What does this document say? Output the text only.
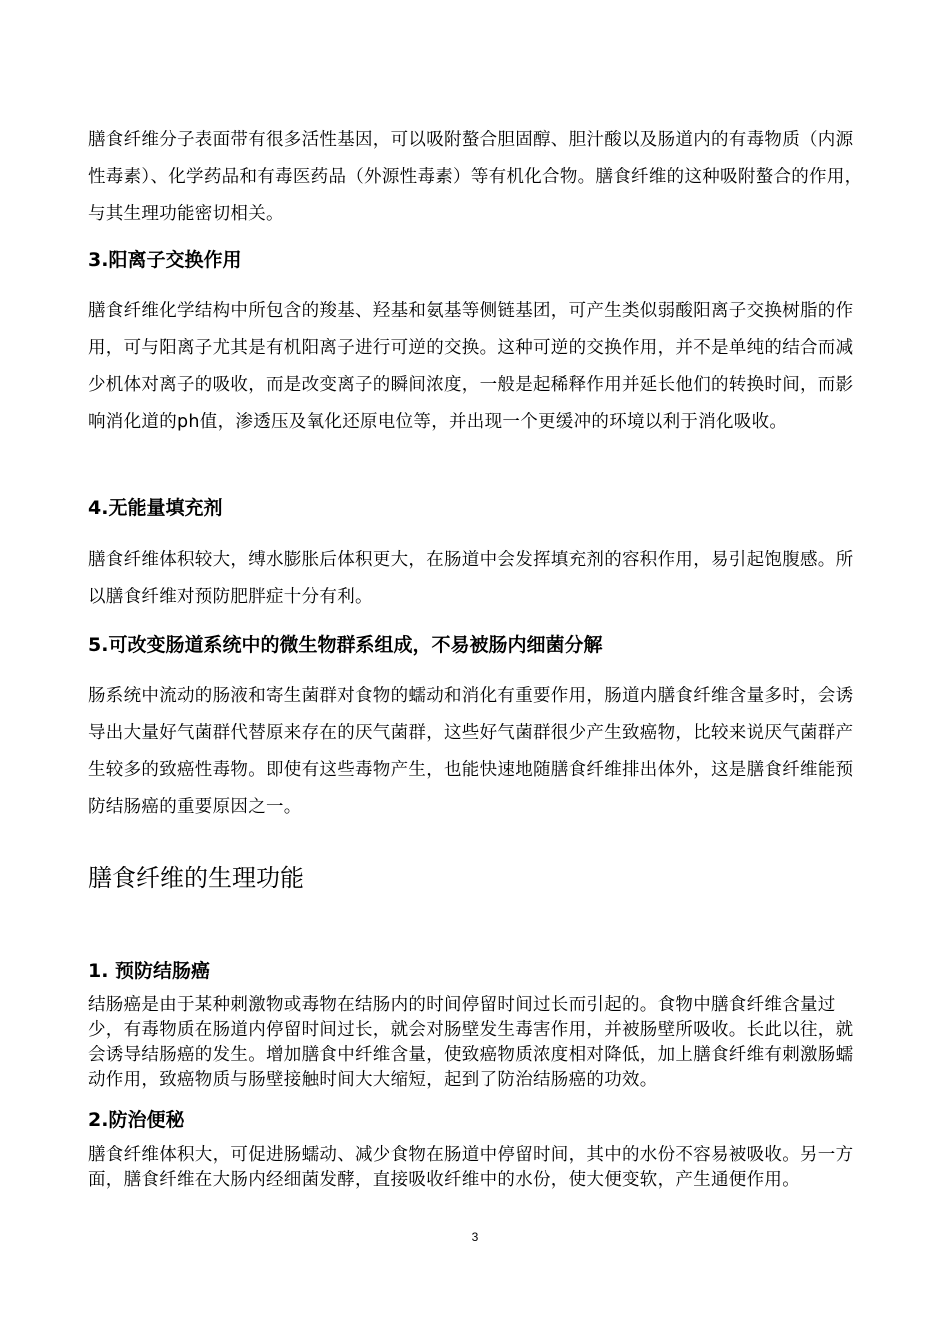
膳食纤维分子表面带有很多活性基因，可以吸附螯合胆固醇、胆汁酸以及肠道内的有毒物质（内源性毒素）、化学药品和有毒医药品（外源性毒素）等有机化合物。膳食纤维的这种吸附螯合的作用，与其生理功能密切相关。

3.阳离子交换作用

膳食纤维化学结构中所包含的羧基、羟基和氨基等侧链基团，可产生类似弱酸阳离子交换树脂的作用，可与阳离子尤其是有机阳离子进行可逆的交换。这种可逆的交换作用，并不是单纯的结合而减少机体对离子的吸收，而是改变离子的瞬间浓度，一般是起稀释作用并延长他们的转换时间，而影响消化道的ph值，渗透压及氧化还原电位等，并出现一个更缓冲的环境以利于消化吸收。

4.无能量填充剂

膳食纤维体积较大，缚水膨胀后体积更大，在肠道中会发挥填充剂的容积作用，易引起饱腹感。所以膳食纤维对预防肥胖症十分有利。

5.可改变肠道系统中的微生物群系组成，不易被肠内细菌分解

肠系统中流动的肠液和寄生菌群对食物的蠕动和消化有重要作用，肠道内膳食纤维含量多时，会诱导出大量好气菌群代替原来存在的厌气菌群，这些好气菌群很少产生致癌物，比较来说厌气菌群产生较多的致癌性毒物。即使有这些毒物产生，也能快速地随膳食纤维排出体外，这是膳食纤维能预防结肠癌的重要原因之一。

膳食纤维的生理功能
1. 预防结肠癌

结肠癌是由于某种刺激物或毒物在结肠内的时间停留时间过长而引起的。食物中膳食纤维含量过少，有毒物质在肠道内停留时间过长，就会对肠壁发生毒害作用，并被肠壁所吸收。长此以往，就会诱导结肠癌的发生。增加膳食中纤维含量，使致癌物质浓度相对降低，加上膳食纤维有刺激肠蠕动作用，致癌物质与肠壁接触时间大大缩短，起到了防治结肠癌的功效。

2.防治便秘

膳食纤维体积大，可促进肠蠕动、减少食物在肠道中停留时间，其中的水份不容易被吸收。另一方面，膳食纤维在大肠内经细菌发酵，直接吸收纤维中的水份，使大便变软，产生通便作用。

3
